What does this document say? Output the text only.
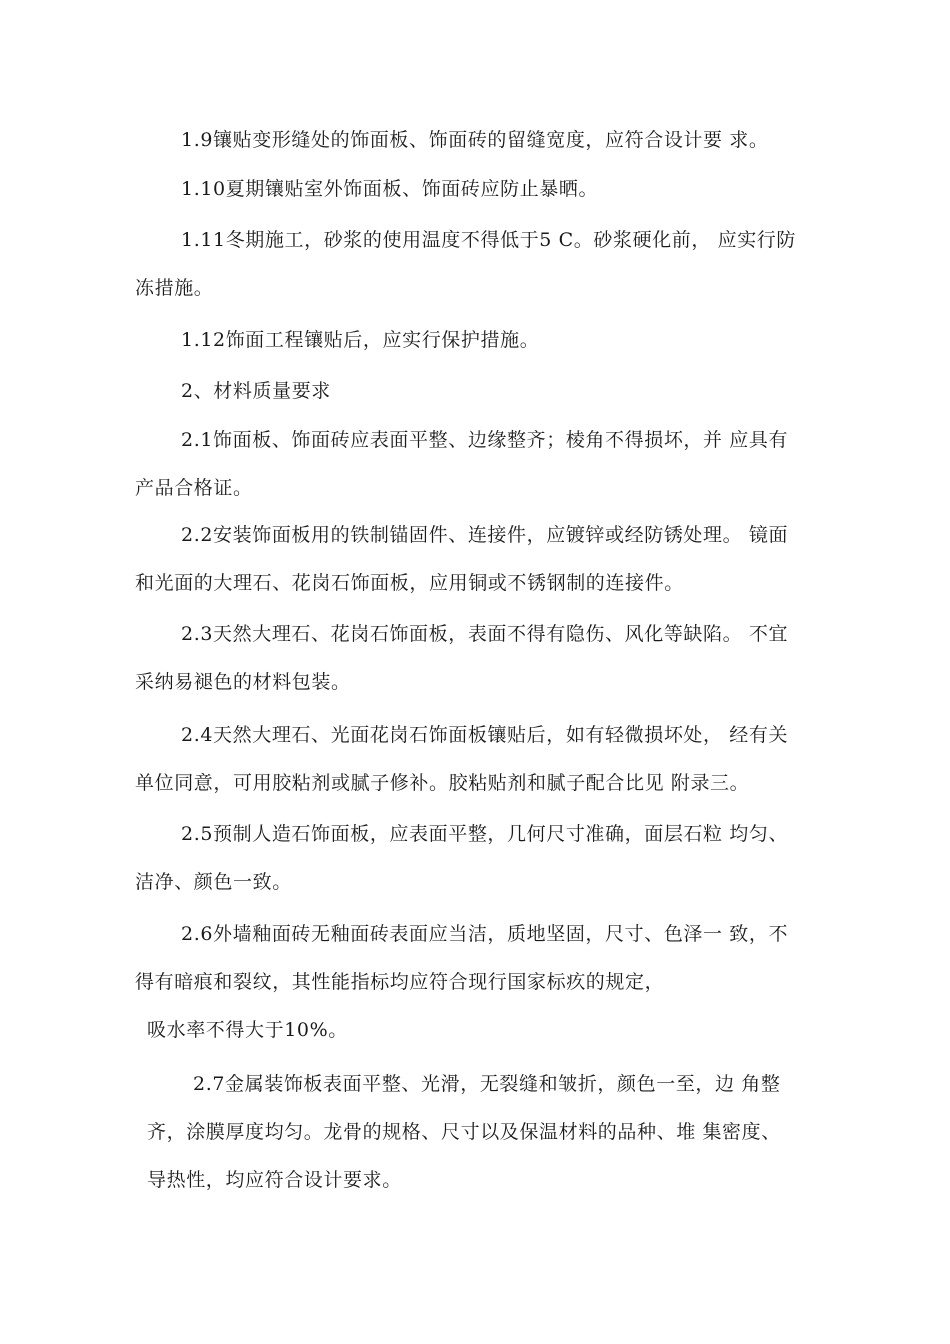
1.9镶贴变形缝处的饰面板、饰面砖的留缝宽度，应符合设计要 求。

1.10夏期镶贴室外饰面板、饰面砖应防止暴晒。

1.11冬期施工，砂浆的使用温度不得低于5 C。砂浆硬化前， 应实行防
冻措施。

1.12饰面工程镶贴后，应实行保护措施。

2、材料质量要求

2.1饰面板、饰面砖应表面平整、边缘整齐；棱角不得损坏，并 应具有
产品合格证。

2.2安装饰面板用的铁制锚固件、连接件，应镀锌或经防锈处理。 镜面
和光面的大理石、花岗石饰面板，应用铜或不锈钢制的连接件。

2.3天然大理石、花岗石饰面板，表面不得有隐伤、风化等缺陷。 不宜
采纳易褪色的材料包装。

2.4天然大理石、光面花岗石饰面板镶贴后，如有轻微损坏处， 经有关
单位同意，可用胶粘剂或腻子修补。胶粘贴剂和腻子配合比见 附录三。

2.5预制人造石饰面板，应表面平整，几何尺寸准确，面层石粒 均匀、
洁净、颜色一致。

2.6外墙釉面砖无釉面砖表面应当洁，质地坚固，尺寸、色泽一 致，不
得有暗痕和裂纹，其性能指标均应符合现行国家标疚的规定，
吸水率不得大于10%。

2.7金属装饰板表面平整、光滑，无裂缝和皱折，颜色一至，边 角整
齐，涂膜厚度均匀。龙骨的规格、尺寸以及保温材料的品种、堆 集密度、
导热性，均应符合设计要求。
